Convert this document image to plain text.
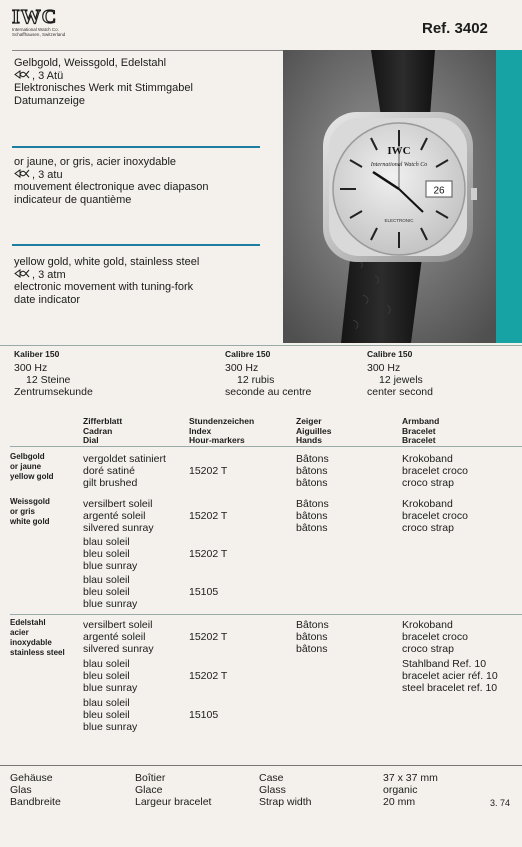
IWC
International Watch Co.
Schaffhausen, Switzerland	Ref. 3402
Gelbgold, Weissgold, Edelstahl
, 3 Atü
Elektronisches Werk mit Stimmgabel
Datumanzeige
or jaune, or gris, acier inoxydable
, 3 atu
mouvement électronique avec diapason
indicateur de quantième
yellow gold, white gold, stainless steel
, 3 atm
electronic movement with tuning-fork
date indicator
26
IWC
International Watch Co
ELECTRONIC
Kaliber 150
300 Hz
12 Steine
Zentrumsekunde
Calibre 150
300 Hz
12 rubis
seconde au centre
Calibre 150
300 Hz
12 jewels
center second
Zifferblatt
Cadran
Dial
Stundenzeichen
Index
Hour-markers
Zeiger
Aiguilles
Hands
Armband
Bracelet
Bracelet
Gelbgold
or jaune
yellow gold
vergoldet satiniert
doré satiné
gilt brushed
15202 T
Bâtons
bâtons
bâtons
Krokoband
bracelet croco
croco strap
Weissgold
or gris
white gold
versilbert soleil
argenté soleil
silvered sunray
15202 T
Bâtons
bâtons
bâtons
Krokoband
bracelet croco
croco strap
blau soleil
bleu soleil
blue sunray
15202 T
blau soleil
bleu soleil
blue sunray
15105
Edelstahl
acier
inoxydable
stainless steel
versilbert soleil
argenté soleil
silvered sunray
15202 T
Bâtons
bâtons
bâtons
Krokoband
bracelet croco
croco strap
blau soleil
bleu soleil
blue sunray
15202 T
Stahlband Ref. 10
bracelet acier réf. 10
steel bracelet ref. 10
blau soleil
bleu soleil
blue sunray
15105
Gehäuse
Glas
Bandbreite
Boîtier
Glace
Largeur bracelet
Case
Glass
Strap width
37 x 37 mm
organic
20 mm	3. 74
